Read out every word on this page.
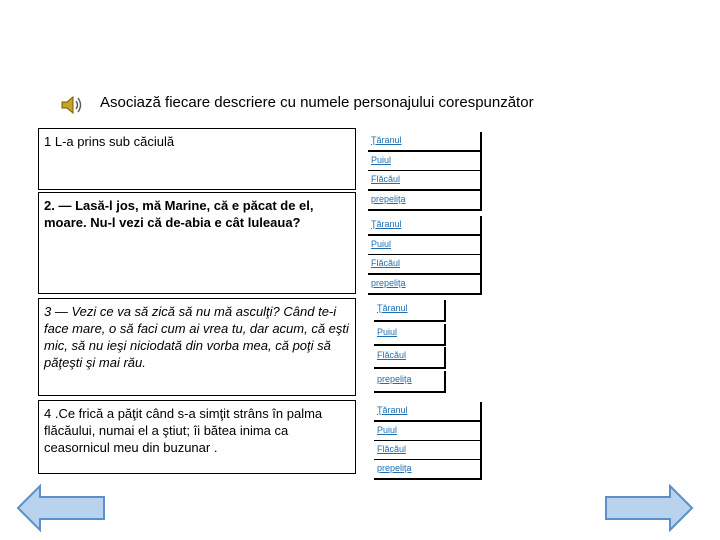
Asociază fiecare descriere cu numele personajului corespunzător
1 L-a prins sub căciulă
2. — Lasă-l jos, mă Marine, că e păcat de el, moare. Nu-l vezi că de-abia e cât luleaua?
3 — Vezi ce va să zică să nu mă asculţi? Când te-i face mare, o să faci cum ai vrea tu, dar acum, că eşti mic, să nu ieşi niciodată din vorba mea, că poţi să păţeşti şi mai rău.
4 .Ce frică a păţit când s-a simţit strâns în palma flăcăului, numai el a ştiut; îi bătea inima ca ceasornicul meu din buzunar .
Ţăranul
Puiul
Flăcăul
prepeliţa
Ţăranul
Puiul
Flăcăul
prepeliţa
Ţăranul
Puiul
Flăcăul
prepeliţa
Ţăranul
Puiul
Flăcăul
prepeliţa
